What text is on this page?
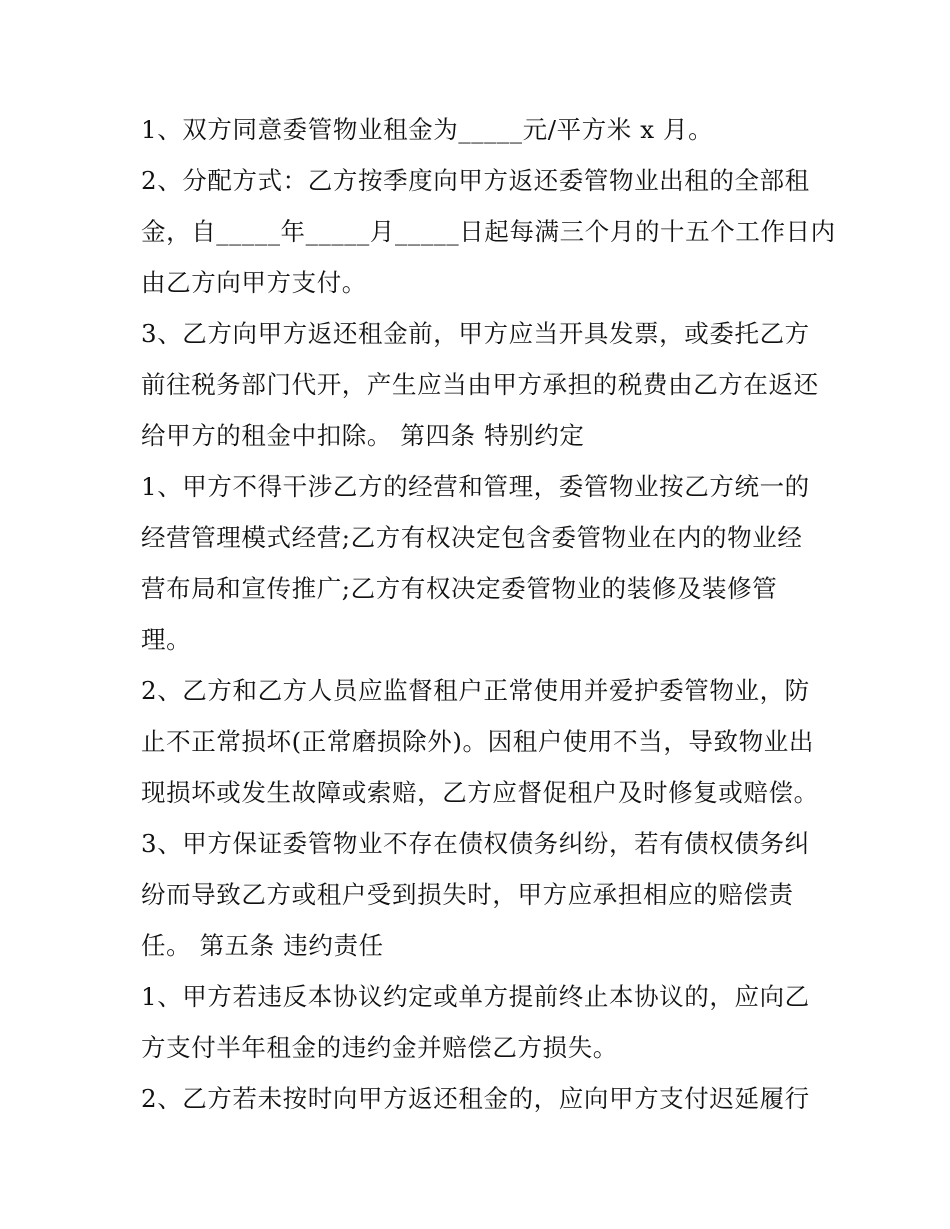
1、双方同意委管物业租金为_____元/平方米 x 月。
2、分配方式：乙方按季度向甲方返还委管物业出租的全部租
金，自_____年_____月_____日起每满三个月的十五个工作日内
由乙方向甲方支付。
3、乙方向甲方返还租金前，甲方应当开具发票，或委托乙方
前往税务部门代开，产生应当由甲方承担的税费由乙方在返还
给甲方的租金中扣除。 第四条 特别约定
1、甲方不得干涉乙方的经营和管理，委管物业按乙方统一的
经营管理模式经营;乙方有权决定包含委管物业在内的物业经
营布局和宣传推广;乙方有权决定委管物业的装修及装修管
理。
2、乙方和乙方人员应监督租户正常使用并爱护委管物业，防
止不正常损坏(正常磨损除外)。因租户使用不当，导致物业出
现损坏或发生故障或索赔，乙方应督促租户及时修复或赔偿。
3、甲方保证委管物业不存在债权债务纠纷，若有债权债务纠
纷而导致乙方或租户受到损失时，甲方应承担相应的赔偿责
任。 第五条 违约责任
1、甲方若违反本协议约定或单方提前终止本协议的，应向乙
方支付半年租金的违约金并赔偿乙方损失。
2、乙方若未按时向甲方返还租金的，应向甲方支付迟延履行
